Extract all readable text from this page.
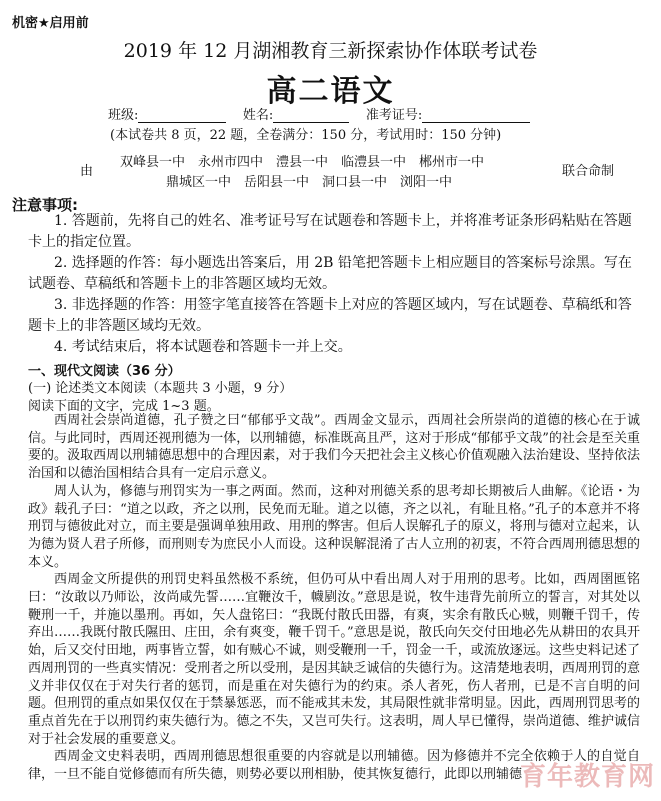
机密★启用前
2019 年 12 月湖湘教育三新探索协作体联考试卷
高二语文
班级:	姓名:	准考证号:
(本试卷共 8 页，22 题，全卷满分：150 分，考试用时：150 分钟)
由
双峰县一中　永州市四中　澧县一中　临澧县一中　郴州市一中
鼎城区一中　岳阳县一中　洞口县一中　浏阳一中
联合命制
注意事项:

1. 答题前，先将自己的姓名、准考证号写在试题卷和答题卡上，并将准考证条形码粘贴在答题卡上的指定位置。

2. 选择题的作答：每小题选出答案后，用 2B 铅笔把答题卡上相应题目的答案标号涂黑。写在试题卷、草稿纸和答题卡上的非答题区域均无效。

3. 非选择题的作答：用签字笔直接答在答题卡上对应的答题区域内，写在试题卷、草稿纸和答题卡上的非答题区域均无效。

4. 考试结束后，将本试题卷和答题卡一并上交。

一、现代文阅读（36 分）
(一) 论述类文本阅读（本题共 3 小题，9 分）
阅读下面的文字，完成 1~3 题。

西周社会崇尚道德，孔子赞之曰“郁郁乎文哉”。西周金文显示，西周社会所崇尚的道德的核心在于诚信。与此同时，西周还视刑德为一体，以刑辅德，标准既高且严，这对于形成“郁郁乎文哉”的社会是至关重要的。汲取西周以刑辅德思想中的合理因素，对于我们今天把社会主义核心价值观融入法治建设、坚持依法治国和以德治国相结合具有一定启示意义。

周人认为，修德与刑罚实为一事之两面。然而，这种对刑德关系的思考却长期被后人曲解。《论语・为政》载孔子曰：“道之以政，齐之以刑，民免而无耻。道之以德，齐之以礼，有耻且格。”孔子的本意并不将刑罚与德彼此对立，而主要是强调单独用政、用刑的弊害。但后人误解孔子的原义，将刑与德对立起来，认为德为贤人君子所修，而刑则专为庶民小人而设。这种误解混淆了古人立刑的初衷，不符合西周刑德思想的本义。

西周金文所提供的刑罚史料虽然极不系统，但仍可从中看出周人对于用刑的思考。比如，西周圉匜铭曰：“汝敢以乃师讼，汝尚咸先誓……宜鞭汝千，幭剭汝。”意思是说，牧牛违背先前所立的誓言，对其处以鞭刑一千，并施以墨刑。再如，矢人盘铭曰：“我既付散氏田器，有爽，实余有散氏心贼，则鞭千罚千，传弃出……我既付散氏隰田、庄田，余有爽变，鞭千罚千。”意思是说，散氏向矢交付田地必先从耕田的农具开始，后又交付田地，两事皆立誓，如有贼心不诚，则受鞭刑一千，罚金一千，或流放逐远。这些史料记述了西周刑罚的一些真实情况：受刑者之所以受刑，是因其缺乏诚信的失德行为。这清楚地表明，西周刑罚的意义并非仅仅在于对失行者的惩罚，而是重在对失德行为的约束。杀人者死，伤人者刑，已是不言自明的问题。但刑罚的重点如果仅仅在于禁暴惩恶，而不能戒其未发，其局限性就非常明显。因此，西周刑罚思考的重点首先在于以刑罚约束失德行为。德之不失，又岂可失行。这表明，周人早已懂得，崇尚道德、维护诚信对于社会发展的重要意义。

西周金文史料表明，西周刑德思想很重要的内容就是以刑辅德。因为修德并不完全依赖于人的自觉自律，一旦不能自觉修德而有所失德，则势必要以刑相胁，使其恢复德行，此即以刑辅德

育年教育网
